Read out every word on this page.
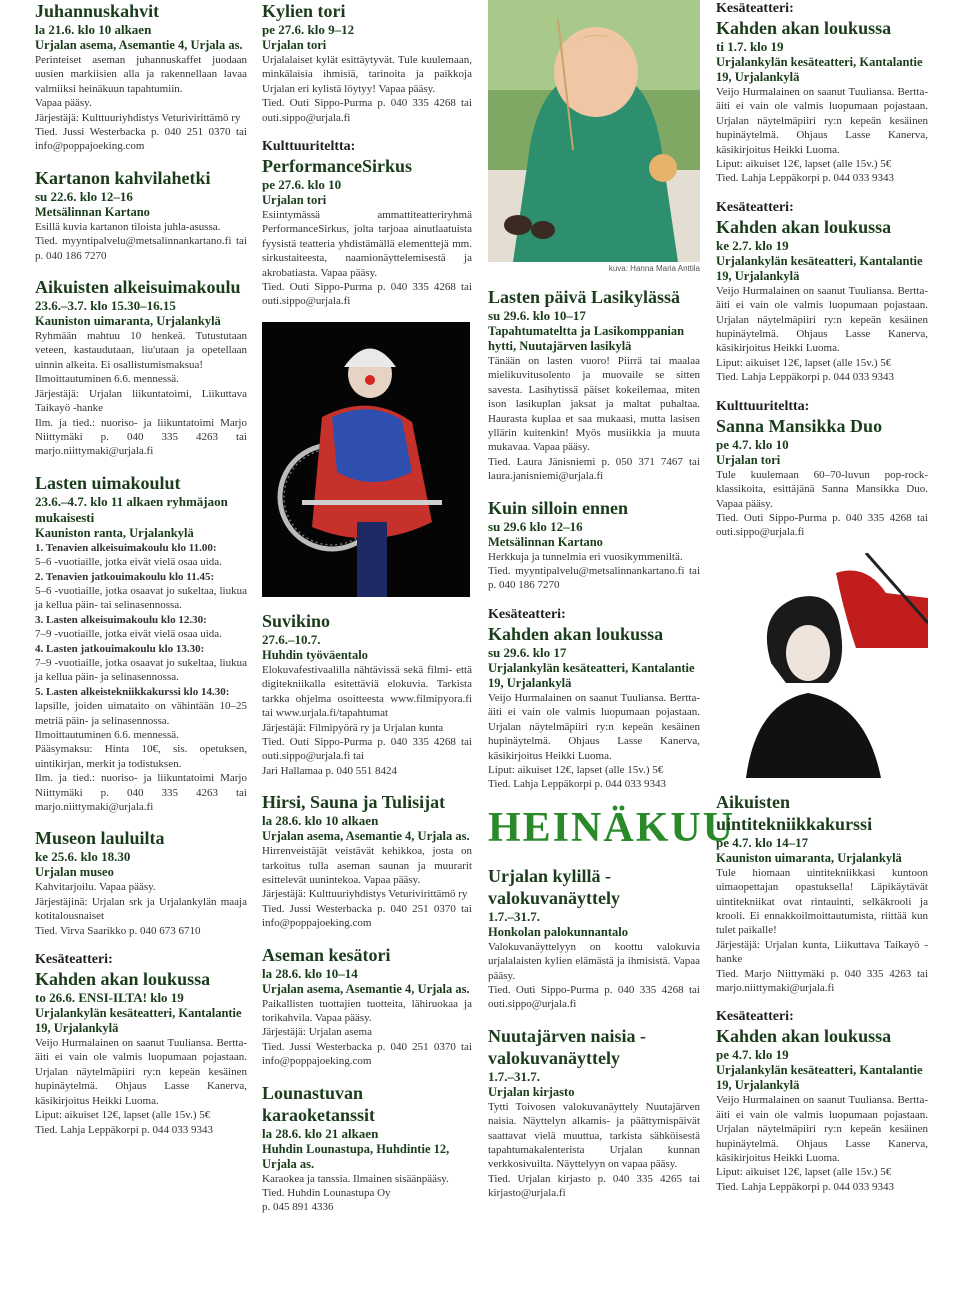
Juhannuskahvit
la 21.6. klo 10 alkaen
Urjalan asema, Asemantie 4, Urjala as.
Perinteiset aseman juhannuskaffet juodaan uusien markiisien alla ja rakennellaan lavaa valmiiksi heinäkuun tapahtumiin.
Vapaa pääsy.
Järjestäjä: Kulttuuriyhdistys Veturivirittämö ry
Tied. Jussi Westerbacka p. 040 251 0370 tai info@poppajoeking.com
Kartanon kahvilahetki
su 22.6. klo 12–16
Metsälinnan Kartano
Esillä kuvia kartanon tiloista juhla-asussa.
Tied. myyntipalvelu@metsalinnankartano.fi tai p. 040 186 7270
Aikuisten alkeisuimakoulu
23.6.–3.7. klo 15.30–16.15
Kauniston uimaranta, Urjalankylä
Ryhmään mahtuu 10 henkeä. Tutustutaan veteen, kastaudutaan, liu'utaan ja opetellaan uinnin alkeita. Ei osallistumismaksua!
Ilmoittautuminen 6.6. mennessä.
Järjestäjä: Urjalan liikuntatoimi, Liikuttava Taikayö -hanke
Ilm. ja tied.: nuoriso- ja liikuntatoimi Marjo Niittymäki p. 040 335 4263 tai marjo.niittymaki@urjala.fi
Lasten uimakoulut
23.6.–4.7. klo 11 alkaen ryhmäjaon mukaisesti
Kauniston ranta, Urjalankylä
1. Tenavien alkeisuimakoulu klo 11.00:
5–6 -vuotiaille, jotka eivät vielä osaa uida.
2. Tenavien jatkouimakoulu klo 11.45:
5–6 -vuotiaille, jotka osaavat jo sukeltaa, liukua ja kellua päin- tai selinasennossa.
3. Lasten alkeisuimakoulu klo 12.30:
7–9 -vuotiaille, jotka eivät vielä osaa uida.
4. Lasten jatkouimakoulu klo 13.30:
7–9 -vuotiaille, jotka osaavat jo sukeltaa, liukua ja kellua päin- ja selinasennossa.
5. Lasten alkeistekniikkakurssi klo 14.30:
lapsille, joiden uimataito on vähintään 10–25 metriä päin- ja selinasennossa.
Ilmoittautuminen 6.6. mennessä.
Pääsymaksu: Hinta 10€, sis. opetuksen, uintikirjan, merkit ja todistuksen.
Ilm. ja tied.: nuoriso- ja liikuntatoimi Marjo Niittymäki p. 040 335 4263 tai marjo.niittymaki@urjala.fi
Museon lauluilta
ke 25.6. klo 18.30
Urjalan museo
Kahvitarjoilu. Vapaa pääsy.
Järjestäjinä: Urjalan srk ja Urjalankylän maaja kotitalousnaiset
Tied. Virva Saarikko p. 040 673 6710
Kesäteatteri:
Kahden akan loukussa
to 26.6. ENSI-ILTA! klo 19
Urjalankylän kesäteatteri, Kantalantie 19, Urjalankylä
Veijo Hurmalainen on saanut Tuuliansa. Bertta-äiti ei vain ole valmis luopumaan pojastaan. Urjalan näytelmäpiiri ry:n kepeän kesäinen hupinäytelmä. Ohjaus Lasse Kanerva, käsikirjoitus Heikki Luoma.
Liput: aikuiset 12€, lapset (alle 15v.) 5€
Tied. Lahja Leppäkorpi p. 044 033 9343
Kylien tori
pe 27.6. klo 9–12
Urjalan tori
Urjalalaiset kylät esittäytyvät. Tule kuulemaan, minkälaisia ihmisiä, tarinoita ja paikkoja Urjalan eri kylistä löytyy! Vapaa pääsy.
Tied. Outi Sippo-Purma p. 040 335 4268 tai outi.sippo@urjala.fi
Kulttuuriteltta:
PerformanceSirkus
pe 27.6. klo 10
Urjalan tori
Esiintymässä ammattiteatteriryhmä PerformanceSirkus, jolta tarjoaa ainutlaatuista fyysistä teatteria yhdistämällä elementtejä mm. sirkustaiteesta, naamionäyttelemisestä ja akrobatiasta. Vapaa pääsy.
Tied. Outi Sippo-Purma p. 040 335 4268 tai outi.sippo@urjala.fi
Suvikino
27.6.–10.7.
Huhdin työväentalo
Elokuvafestivaalilla nähtävissä sekä filmi- että digitekniikalla esitettäviä elokuvia. Tarkista tarkka ohjelma osoitteesta www.filmipyora.fi tai www.urjala.fi/tapahtumat
Järjestäjä: Filmipyörä ry ja Urjalan kunta
Tied. Outi Sippo-Purma p. 040 335 4268 tai outi.sippo@urjala.fi tai
Jari Hallamaa p. 040 551 8424
Hirsi, Sauna ja Tulisijat
la 28.6. klo 10 alkaen
Urjalan asema, Asemantie 4, Urjala as.
Hirrenveistäjät veistävät kehikkoa, josta on tarkoitus tulla aseman saunan ja muurarit esittelevät uunintekoa. Vapaa pääsy.
Järjestäjä: Kulttuuriyhdistys Veturivirittämö ry
Tied. Jussi Westerbacka p. 040 251 0370 tai info@poppajoeking.com
Aseman kesätori
la 28.6. klo 10–14
Urjalan asema, Asemantie 4, Urjala as.
Paikallisten tuottajien tuotteita, lähiruokaa ja torikahvila. Vapaa pääsy.
Järjestäjä: Urjalan asema
Tied. Jussi Westerbacka p. 040 251 0370 tai info@poppajoeking.com
Lounastuvan karaoketanssit
la 28.6. klo 21 alkaen
Huhdin Lounastupa, Huhdintie 12, Urjala as.
Karaokea ja tanssia. Ilmainen sisäänpääsy.
Tied. Huhdin Lounastupa Oy
p. 045 891 4336
kuva: Hanna Maria Anttila
Lasten päivä Lasikylässä
su 29.6. klo 10–17
Tapahtumateltta ja Lasikomppanian hytti, Nuutajärven lasikylä
Tänään on lasten vuoro! Piirrä tai maalaa mielikuvitusolento ja muovaile se sitten savesta. Lasihytissä päiset kokeilemaa, miten ison lasikuplan jaksat ja maltat puhaltaa. Haurasta kuplaa et saa mukaasi, mutta lasisen yllärin kuitenkin! Myös musiikkia ja muuta mukavaa. Vapaa pääsy.
Tied. Laura Jänisniemi p. 050 371 7467 tai laura.janisniemi@urjala.fi
Kuin silloin ennen
su 29.6 klo 12–16
Metsälinnan Kartano
Herkkuja ja tunnelmia eri vuosikymmeniltä.
Tied. myyntipalvelu@metsalinnankartano.fi tai p. 040 186 7270
Kesäteatteri:
Kahden akan loukussa
su 29.6. klo 17
Urjalankylän kesäteatteri, Kantalantie 19, Urjalankylä
Veijo Hurmalainen on saanut Tuuliansa. Bertta-äiti ei vain ole valmis luopumaan pojastaan. Urjalan näytelmäpiiri ry:n kepeän kesäinen hupinäytelmä. Ohjaus Lasse Kanerva, käsikirjoitus Heikki Luoma.
Liput: aikuiset 12€, lapset (alle 15v.) 5€
Tied. Lahja Leppäkorpi p. 044 033 9343
HEINÄKUU
Urjalan kylillä -valokuvanäyttely
1.7.–31.7.
Honkolan palokunnantalo
Valokuvanäyttelyyn on koottu valokuvia urjalalaisten kylien elämästä ja ihmisistä. Vapaa pääsy.
Tied. Outi Sippo-Purma p. 040 335 4268 tai outi.sippo@urjala.fi
Nuutajärven naisia -valokuvanäyttely
1.7.–31.7.
Urjalan kirjasto
Tytti Toivosen valokuvanäyttely Nuutajärven naisia. Näyttelyn alkamis- ja päättymispäivät saattavat vielä muuttua, tarkista sähköisestä tapahtumakalenterista Urjalan kunnan verkkosivuilta. Näyttelyyn on vapaa pääsy.
Tied. Urjalan kirjasto p. 040 335 4265 tai kirjasto@urjala.fi
Kesäteatteri:
Kahden akan loukussa
ti 1.7. klo 19
Urjalankylän kesäteatteri, Kantalantie 19, Urjalankylä
Veijo Hurmalainen on saanut Tuuliansa. Bertta-äiti ei vain ole valmis luopumaan pojastaan. Urjalan näytelmäpiiri ry:n kepeän kesäinen hupinäytelmä. Ohjaus Lasse Kanerva, käsikirjoitus Heikki Luoma.
Liput: aikuiset 12€, lapset (alle 15v.) 5€
Tied. Lahja Leppäkorpi p. 044 033 9343
Kesäteatteri:
Kahden akan loukussa
ke 2.7. klo 19
Urjalankylän kesäteatteri, Kantalantie 19, Urjalankylä
Veijo Hurmalainen on saanut Tuuliansa. Bertta-äiti ei vain ole valmis luopumaan pojastaan. Urjalan näytelmäpiiri ry:n kepeän kesäinen hupinäytelmä. Ohjaus Lasse Kanerva, käsikirjoitus Heikki Luoma.
Liput: aikuiset 12€, lapset (alle 15v.) 5€
Tied. Lahja Leppäkorpi p. 044 033 9343
Kulttuuriteltta:
Sanna Mansikka Duo
pe 4.7. klo 10
Urjalan tori
Tule kuulemaan 60–70-luvun pop-rock-klassikoita, esittäjänä Sanna Mansikka Duo. Vapaa pääsy.
Tied. Outi Sippo-Purma p. 040 335 4268 tai outi.sippo@urjala.fi
Aikuisten uintitekniikkakurssi
pe 4.7. klo 14–17
Kauniston uimaranta, Urjalankylä
Tule hiomaan uintitekniikkasi kuntoon uimaopettajan opastuksella! Läpikäytävät uintitekniikat ovat rintauinti, selkäkrooli ja krooli. Ei ennakkoilmoittautumista, riittää kun tulet paikalle!
Järjestäjä: Urjalan kunta, Liikuttava Taikayö -hanke
Tied. Marjo Niittymäki p. 040 335 4263 tai marjo.niittymaki@urjala.fi
Kesäteatteri:
Kahden akan loukussa
pe 4.7. klo 19
Urjalankylän kesäteatteri, Kantalantie 19, Urjalankylä
Veijo Hurmalainen on saanut Tuuliansa. Bertta-äiti ei vain ole valmis luopumaan pojastaan. Urjalan näytelmäpiiri ry:n kepeän kesäinen hupinäytelmä. Ohjaus Lasse Kanerva, käsikirjoitus Heikki Luoma.
Liput: aikuiset 12€, lapset (alle 15v.) 5€
Tied. Lahja Leppäkorpi p. 044 033 9343
